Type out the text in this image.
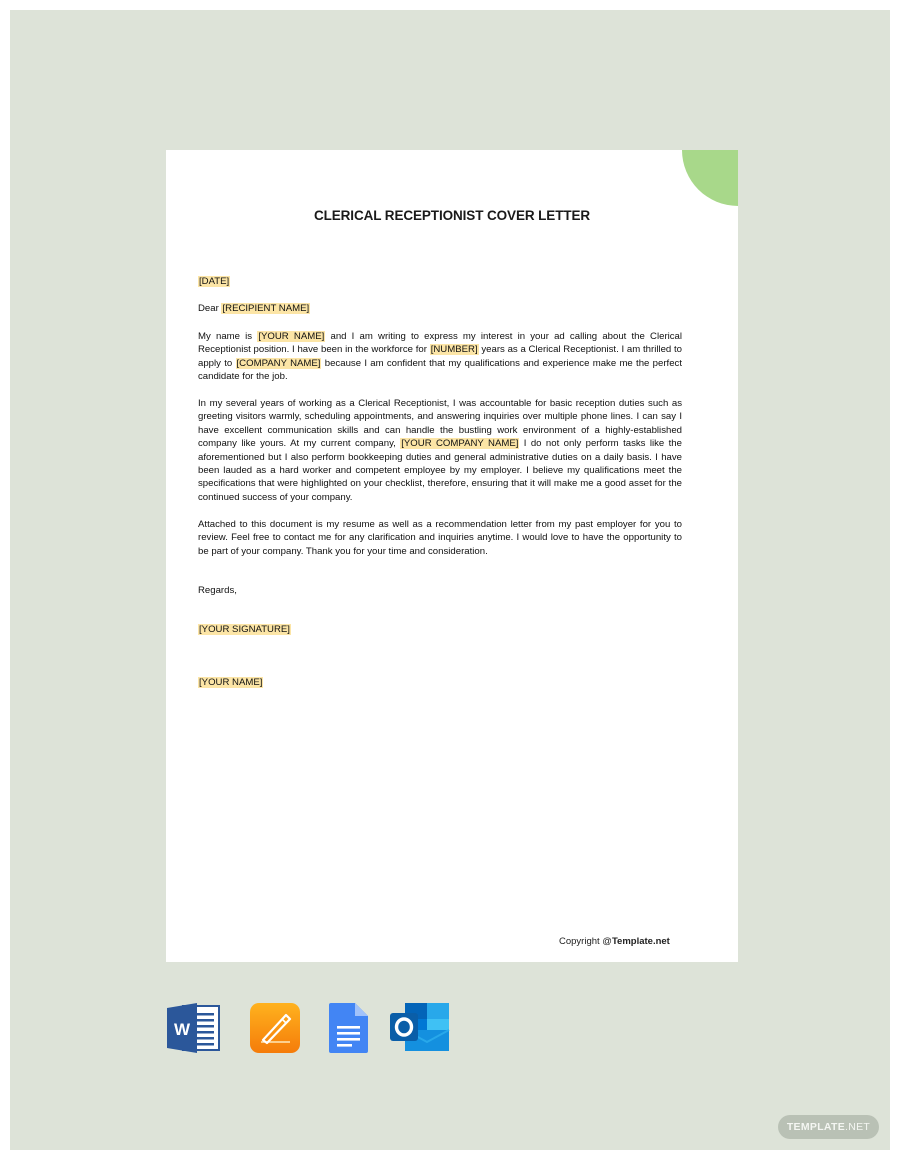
CLERICAL RECEPTIONIST COVER LETTER

[DATE]

Dear [RECIPIENT NAME]

My name is [YOUR NAME] and I am writing to express my interest in your ad calling about the Clerical Receptionist position. I have been in the workforce for [NUMBER] years as a Clerical Receptionist. I am thrilled to apply to [COMPANY NAME] because I am confident that my qualifications and experience make me the perfect candidate for the job.

In my several years of working as a Clerical Receptionist, I was accountable for basic reception duties such as greeting visitors warmly, scheduling appointments, and answering inquiries over multiple phone lines. I can say I have excellent communication skills and can handle the bustling work environment of a highly-established company like yours. At my current company, [YOUR COMPANY NAME] I do not only perform tasks like the aforementioned but I also perform bookkeeping duties and general administrative duties on a daily basis. I have been lauded as a hard worker and competent employee by my employer. I believe my qualifications meet the specifications that were highlighted on your checklist, therefore, ensuring that it will make me a good asset for the continued success of your company.

Attached to this document is my resume as well as a recommendation letter from my past employer for you to review. Feel free to contact me for any clarification and inquiries anytime. I would love to have the opportunity to be part of your company. Thank you for your time and consideration.

Regards,

[YOUR SIGNATURE]

[YOUR NAME]

Copyright @Template.net
W
TEMPLATE .NET
